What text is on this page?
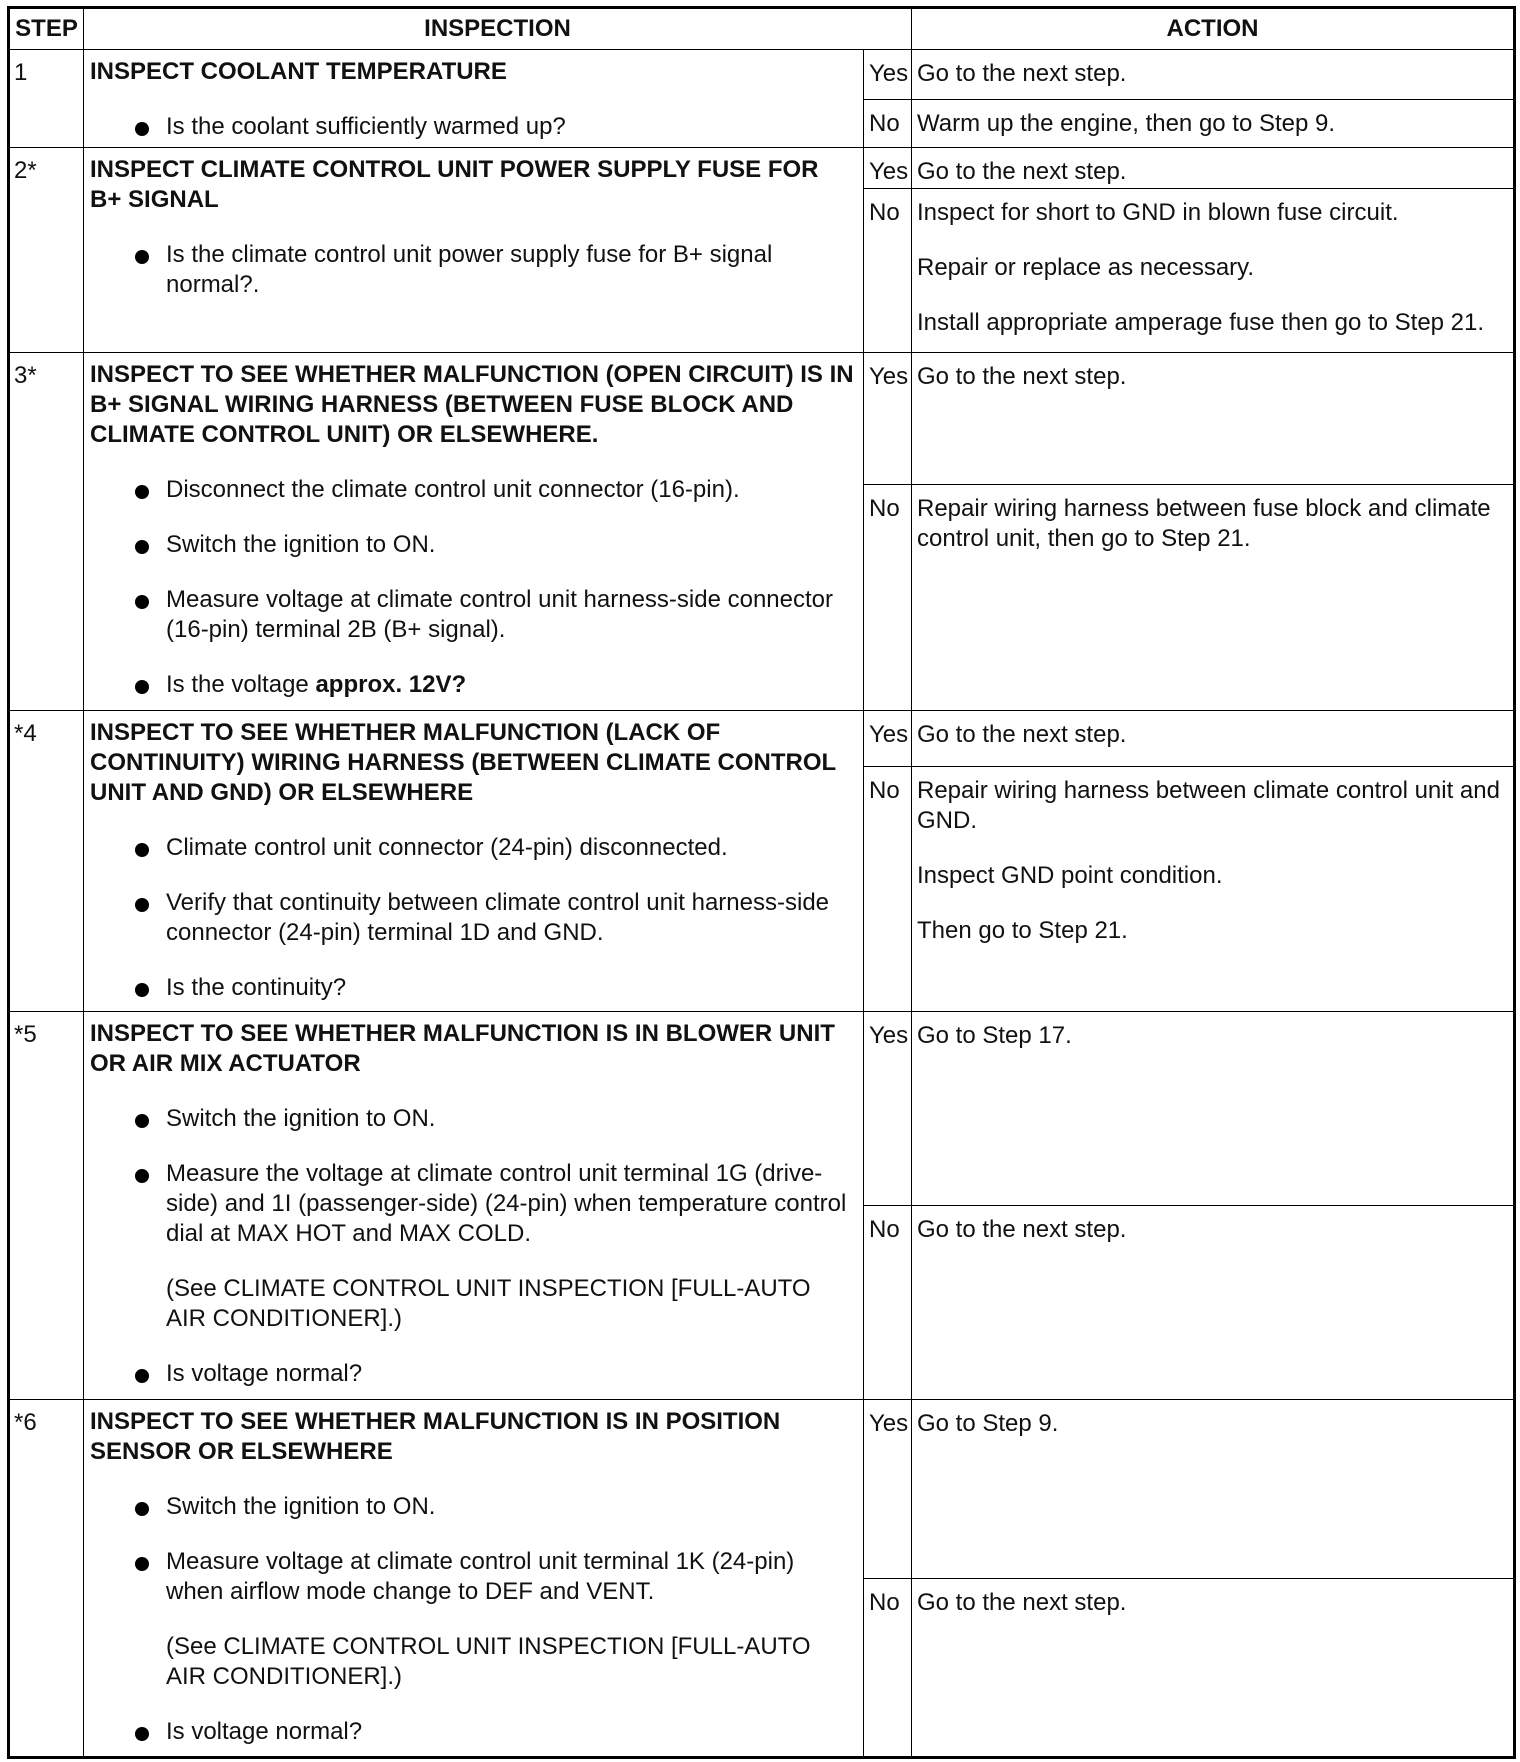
STEP	INSPECTION		ACTION
1	INSPECT COOLANT TEMPERATURE
Is the coolant sufficiently warmed up?	Yes	Go to the next step.

		No	Warm up the engine, then go to Step 9.

2*	INSPECT CLIMATE CONTROL UNIT POWER SUPPLY FUSE FOR B+ SIGNAL
Is the climate control unit power supply fuse for B+ signal normal?.	Yes	Go to the next step.

		No	Inspect for short to GND in blown fuse circuit.

Repair or replace as necessary.

Install appropriate amperage fuse then go to Step 21.

3*	INSPECT TO SEE WHETHER MALFUNCTION (OPEN CIRCUIT) IS IN B+ SIGNAL WIRING HARNESS (BETWEEN FUSE BLOCK AND CLIMATE CONTROL UNIT) OR ELSEWHERE.
Disconnect the climate control unit connector (16-pin).
Switch the ignition to ON.
Measure voltage at climate control unit harness-side connector (16-pin) terminal 2B (B+ signal).
Is the voltage approx. 12V?	Yes	Go to the next step.

		No	Repair wiring harness between fuse block and climate control unit, then go to Step 21.

*4	INSPECT TO SEE WHETHER MALFUNCTION (LACK OF CONTINUITY) WIRING HARNESS (BETWEEN CLIMATE CONTROL UNIT AND GND) OR ELSEWHERE
Climate control unit connector (24-pin) disconnected.
Verify that continuity between climate control unit harness-side connector (24-pin) terminal 1D and GND.
Is the continuity?	Yes	Go to the next step.

		No	Repair wiring harness between climate control unit and GND.

Inspect GND point condition.

Then go to Step 21.

*5	INSPECT TO SEE WHETHER MALFUNCTION IS IN BLOWER UNIT OR AIR MIX ACTUATOR
Switch the ignition to ON.
Measure the voltage at climate control unit terminal 1G (drive-side) and 1I (passenger-side) (24-pin) when temperature control dial at MAX HOT and MAX COLD.
(See CLIMATE CONTROL UNIT INSPECTION [FULL-AUTO AIR CONDITIONER].)
Is voltage normal?	Yes	Go to Step 17.

		No	Go to the next step.

*6	INSPECT TO SEE WHETHER MALFUNCTION IS IN POSITION SENSOR OR ELSEWHERE
Switch the ignition to ON.
Measure voltage at climate control unit terminal 1K (24-pin) when airflow mode change to DEF and VENT.
(See CLIMATE CONTROL UNIT INSPECTION [FULL-AUTO AIR CONDITIONER].)
Is voltage normal?	Yes	Go to Step 9.

		No	Go to the next step.
